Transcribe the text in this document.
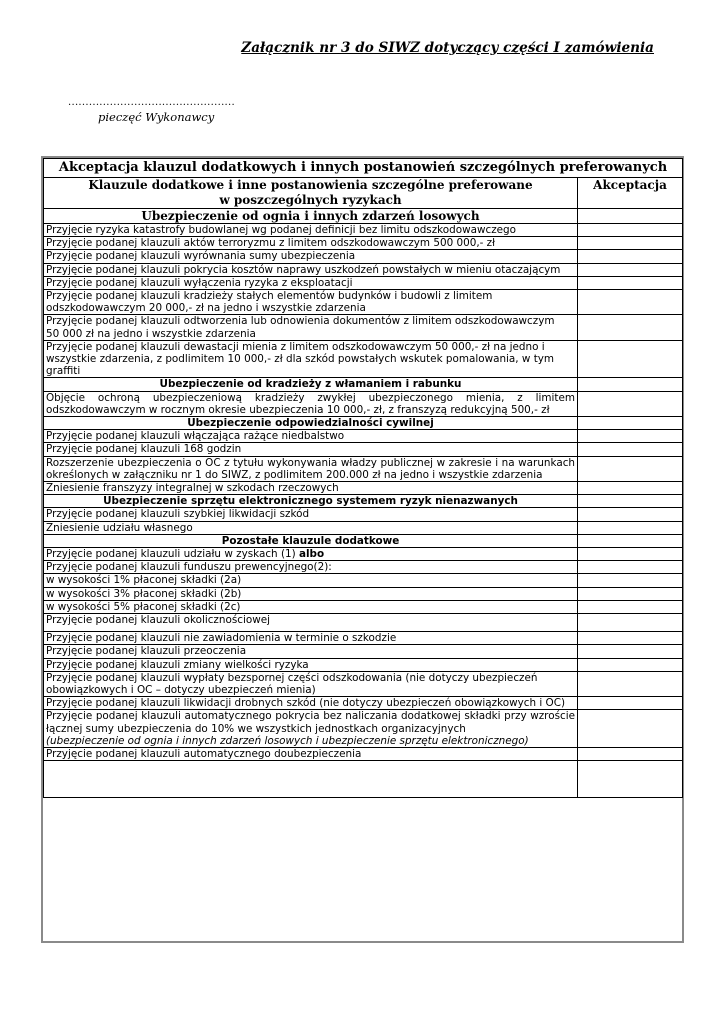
Załącznik nr 3 do SIWZ dotyczący części I zamówienia
................................................
pieczęć Wykonawcy
Akceptacja klauzul dodatkowych i innych postanowień szczególnych preferowanych	

Klauzule dodatkowe i inne postanowienia szczególne preferowane
w poszczególnych ryzykach	Akceptacja
Ubezpieczenie od ognia i innych zdarzeń losowych	
Przyjęcie ryzyka katastrofy budowlanej wg podanej definicji bez limitu odszkodowawczego	
Przyjęcie podanej klauzuli aktów terroryzmu z limitem odszkodowawczym 500 000,- zł	
Przyjęcie podanej klauzuli wyrównania sumy ubezpieczenia	
Przyjęcie podanej klauzuli pokrycia kosztów naprawy uszkodzeń powstałych w mieniu otaczającym	
Przyjęcie podanej klauzuli wyłączenia ryzyka z eksploatacji	
Przyjęcie podanej klauzuli kradzieży stałych elementów budynków i budowli z limitem odszkodowawczym 20 000,- zł na jedno i wszystkie zdarzenia	

Przyjęcie podanej klauzuli odtworzenia lub odnowienia dokumentów z limitem odszkodowawczym
50 000 zł na jedno i wszystkie zdarzenia	

Przyjęcie podanej klauzuli dewastacji mienia z limitem odszkodowawczym 50 000,- zł na jedno i wszystkie zdarzenia, z podlimitem 10 000,- zł dla szkód powstałych wskutek pomalowania, w tym graffiti	
Ubezpieczenie od kradzieży z włamaniem i rabunku	
Objęcie ochroną ubezpieczeniową kradzieży zwykłej ubezpieczonego mienia, z limitem odszkodowawczym w rocznym okresie ubezpieczenia 10 000,- zł, z franszyzą redukcyjną 500,- zł	
Ubezpieczenie odpowiedzialności cywilnej	
Przyjęcie podanej klauzuli włączająca rażące niedbalstwo	
Przyjęcie podanej klauzuli 168 godzin	
Rozszerzenie ubezpieczenia o OC z tytułu wykonywania władzy publicznej w zakresie i na warunkach określonych w załączniku nr 1 do SIWZ, z podlimitem 200.000 zł na jedno i wszystkie zdarzenia	
Zniesienie franszyzy integralnej w szkodach rzeczowych	
Ubezpieczenie sprzętu elektronicznego systemem ryzyk nienazwanych	
Przyjęcie podanej klauzuli szybkiej likwidacji szkód	
Zniesienie udziału własnego	
Pozostałe klauzule dodatkowe	
Przyjęcie podanej klauzuli udziału w zyskach (1) albo	
Przyjęcie podanej klauzuli funduszu prewencyjnego(2):	
w wysokości 1% płaconej składki (2a)	
w wysokości 3% płaconej składki (2b)	
w wysokości 5% płaconej składki (2c)	
Przyjęcie podanej klauzuli okolicznościowej	
Przyjęcie podanej klauzuli nie zawiadomienia w terminie o szkodzie	
Przyjęcie podanej klauzuli przeoczenia	
Przyjęcie podanej klauzuli zmiany wielkości ryzyka	
Przyjęcie podanej klauzuli wypłaty bezspornej części odszkodowania (nie dotyczy ubezpieczeń obowiązkowych i OC – dotyczy ubezpieczeń mienia)	
Przyjęcie podanej klauzuli likwidacji drobnych szkód (nie dotyczy ubezpieczeń obowiązkowych i OC)	

Przyjęcie podanej klauzuli automatycznego pokrycia bez naliczania dodatkowej składki przy wzroście łącznej sumy ubezpieczenia do 10% we wszystkich jednostkach organizacyjnych
(ubezpieczenie od ognia i innych zdarzeń losowych i ubezpieczenie sprzętu elektronicznego)	

Przyjęcie podanej klauzuli automatycznego doubezpieczenia	
